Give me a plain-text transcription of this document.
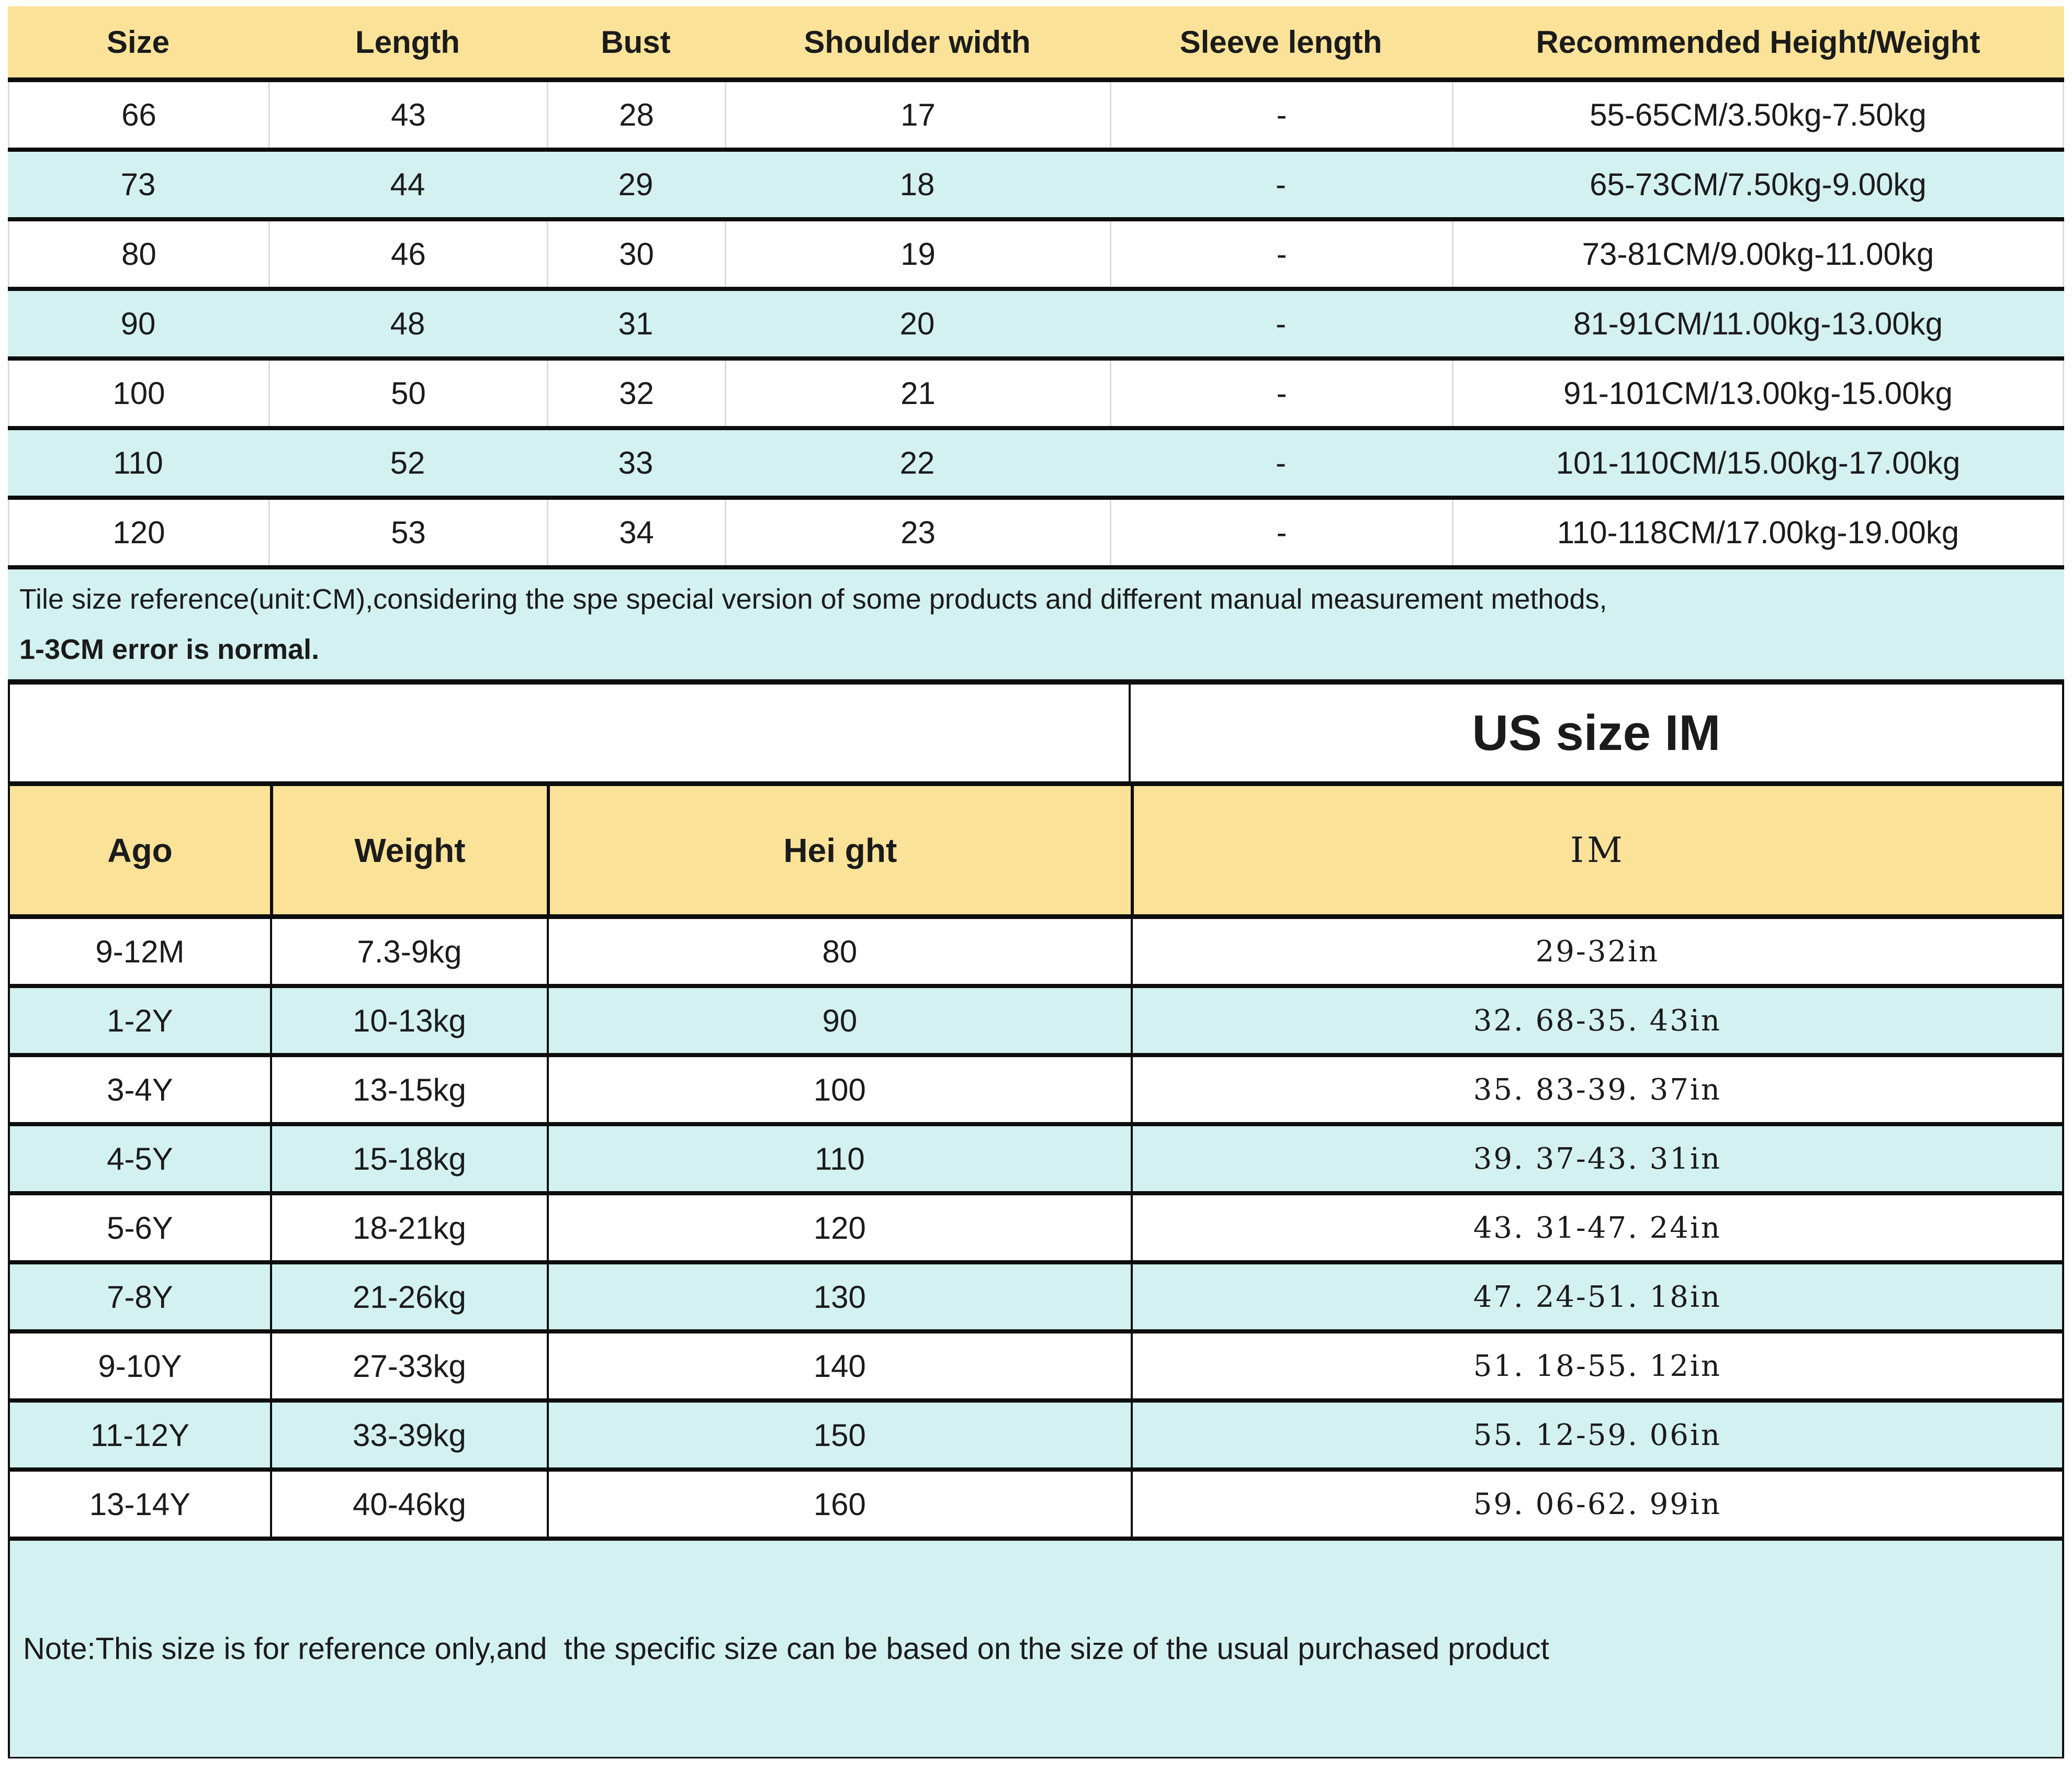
Size	Length	Bust	Shoulder width	Sleeve length	Recommended Height/Weight
66	43	28	17	-	55-65CM/3.50kg-7.50kg
73	44	29	18	-	65-73CM/7.50kg-9.00kg
80	46	30	19	-	73-81CM/9.00kg-11.00kg
90	48	31	20	-	81-91CM/11.00kg-13.00kg
100	50	32	21	-	91-101CM/13.00kg-15.00kg
110	52	33	22	-	101-110CM/15.00kg-17.00kg
120	53	34	23	-	110-118CM/17.00kg-19.00kg
Tile size reference(unit:CM),considering the spe special version of some products and different manual measurement methods,
1-3CM error is normal.
US size IM
Ago	Weight	Hei ght	IM
9-12M	7.3-9kg	80	29-32in
1-2Y	10-13kg	90	32. 68-35. 43in
3-4Y	13-15kg	100	35. 83-39. 37in
4-5Y	15-18kg	110	39. 37-43. 31in
5-6Y	18-21kg	120	43. 31-47. 24in
7-8Y	21-26kg	130	47. 24-51. 18in
9-10Y	27-33kg	140	51. 18-55. 12in
11-12Y	33-39kg	150	55. 12-59. 06in
13-14Y	40-46kg	160	59. 06-62. 99in
Note:This size is for reference only,and  the specific size can be based on the size of the usual purchased product
